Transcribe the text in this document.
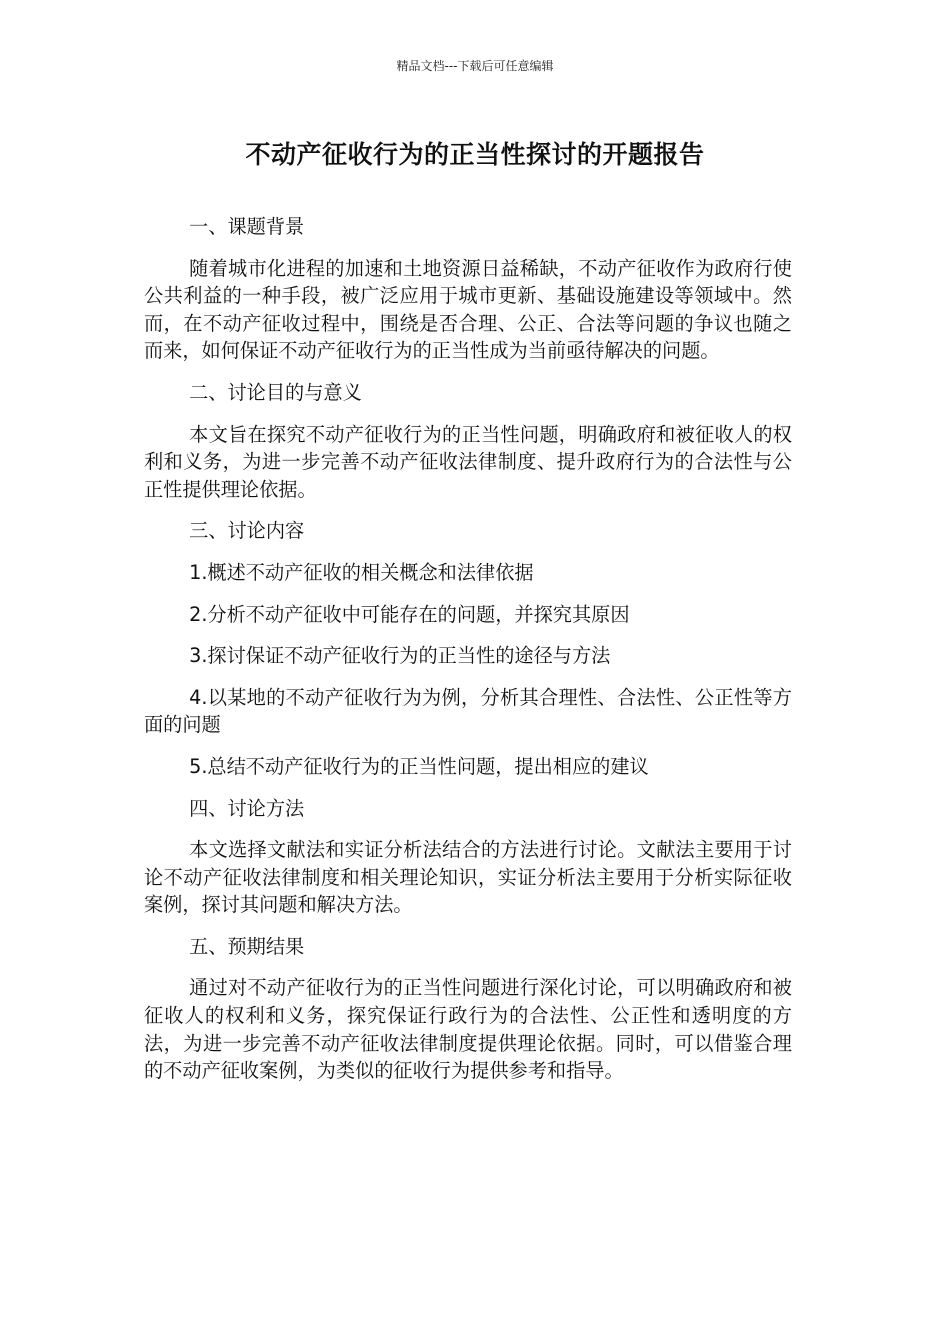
精品文档---下载后可任意编辑
不动产征收行为的正当性探讨的开题报告

一、课题背景

随着城市化进程的加速和土地资源日益稀缺，不动产征收作为政府行使公共利益的一种手段，被广泛应用于城市更新、基础设施建设等领域中。然而，在不动产征收过程中，围绕是否合理、公正、合法等问题的争议也随之而来，如何保证不动产征收行为的正当性成为当前亟待解决的问题。

二、讨论目的与意义

本文旨在探究不动产征收行为的正当性问题，明确政府和被征收人的权利和义务，为进一步完善不动产征收法律制度、提升政府行为的合法性与公正性提供理论依据。

三、讨论内容

1.概述不动产征收的相关概念和法律依据

2.分析不动产征收中可能存在的问题，并探究其原因

3.探讨保证不动产征收行为的正当性的途径与方法

4.以某地的不动产征收行为为例，分析其合理性、合法性、公正性等方面的问题

5.总结不动产征收行为的正当性问题，提出相应的建议

四、讨论方法

本文选择文献法和实证分析法结合的方法进行讨论。文献法主要用于讨论不动产征收法律制度和相关理论知识，实证分析法主要用于分析实际征收案例，探讨其问题和解决方法。

五、预期结果

通过对不动产征收行为的正当性问题进行深化讨论，可以明确政府和被征收人的权利和义务，探究保证行政行为的合法性、公正性和透明度的方法，为进一步完善不动产征收法律制度提供理论依据。同时，可以借鉴合理的不动产征收案例，为类似的征收行为提供参考和指导。
